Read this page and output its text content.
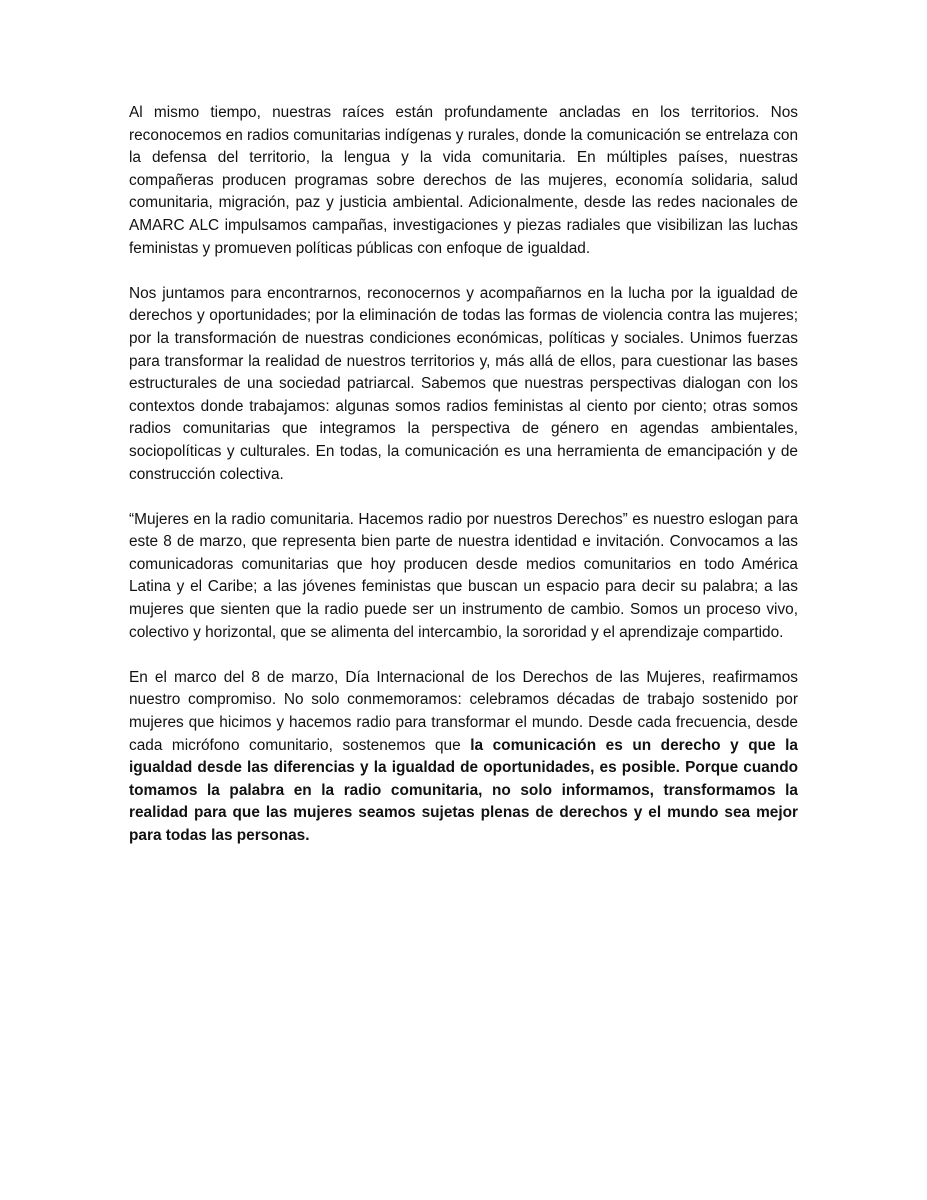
Al mismo tiempo, nuestras raíces están profundamente ancladas en los territorios. Nos reconocemos en radios comunitarias indígenas y rurales, donde la comunicación se entrelaza con la defensa del territorio, la lengua y la vida comunitaria. En múltiples países, nuestras compañeras producen programas sobre derechos de las mujeres, economía solidaria, salud comunitaria, migración, paz y justicia ambiental. Adicionalmente, desde las redes nacionales de AMARC ALC impulsamos campañas, investigaciones y piezas radiales que visibilizan las luchas feministas y promueven políticas públicas con enfoque de igualdad.

Nos juntamos para encontrarnos, reconocernos y acompañarnos en la lucha por la igualdad de derechos y oportunidades; por la eliminación de todas las formas de violencia contra las mujeres; por la transformación de nuestras condiciones económicas, políticas y sociales. Unimos fuerzas para transformar la realidad de nuestros territorios y, más allá de ellos, para cuestionar las bases estructurales de una sociedad patriarcal. Sabemos que nuestras perspectivas dialogan con los contextos donde trabajamos: algunas somos radios feministas al ciento por ciento; otras somos radios comunitarias que integramos la perspectiva de género en agendas ambientales, sociopolíticas y culturales. En todas, la comunicación es una herramienta de emancipación y de construcción colectiva.

“Mujeres en la radio comunitaria. Hacemos radio por nuestros Derechos” es nuestro eslogan para este 8 de marzo, que representa bien parte de nuestra identidad e invitación. Convocamos a las comunicadoras comunitarias que hoy producen desde medios comunitarios en todo América Latina y el Caribe; a las jóvenes feministas que buscan un espacio para decir su palabra; a las mujeres que sienten que la radio puede ser un instrumento de cambio. Somos un proceso vivo, colectivo y horizontal, que se alimenta del intercambio, la sororidad y el aprendizaje compartido.

En el marco del 8 de marzo, Día Internacional de los Derechos de las Mujeres, reafirmamos nuestro compromiso. No solo conmemoramos: celebramos décadas de trabajo sostenido por mujeres que hicimos y hacemos radio para transformar el mundo. Desde cada frecuencia, desde cada micrófono comunitario, sostenemos que la comunicación es un derecho y que la igualdad desde las diferencias y la igualdad de oportunidades, es posible. Porque cuando tomamos la palabra en la radio comunitaria, no solo informamos, transformamos la realidad para que las mujeres seamos sujetas plenas de derechos y el mundo sea mejor para todas las personas.
